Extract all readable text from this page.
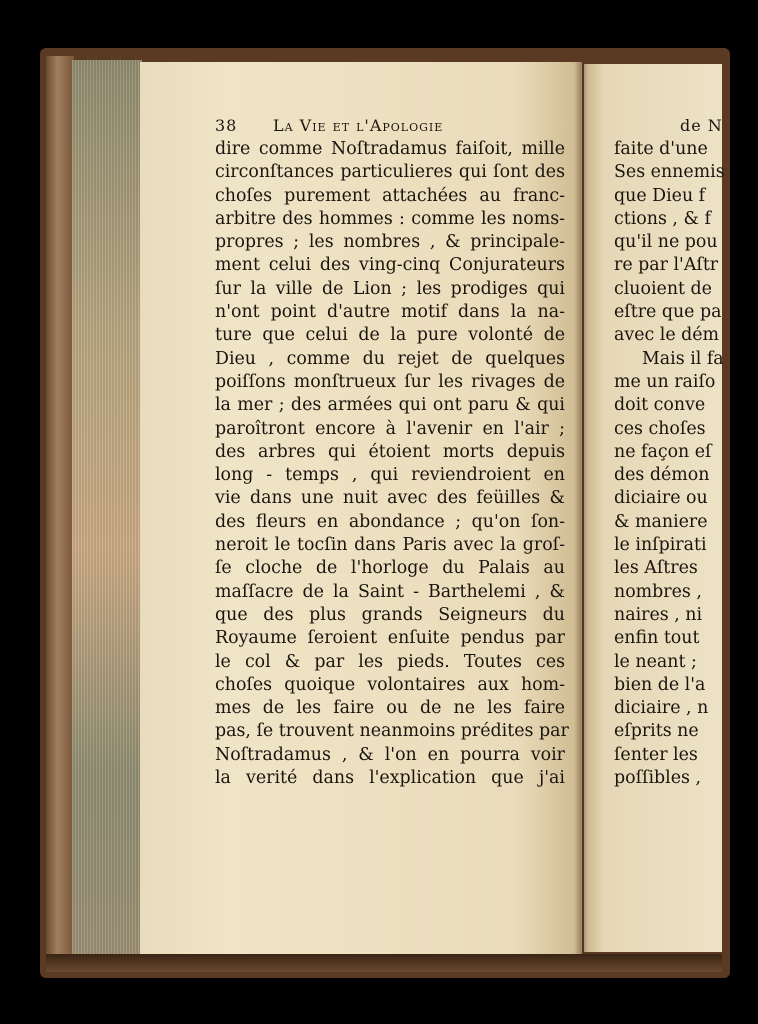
38 La Vie et l'Apologie
dire comme Noſtradamus faiſoit, mille
circonſtances particulieres qui ſont des
choſes purement attachées au franc-
arbitre des hommes : comme les noms-
propres ; les nombres , & principale-
ment celui des ving-cinq Conjurateurs
ſur la ville de Lion ; les prodiges qui
n'ont point d'autre motif dans la na-
ture que celui de la pure volonté de
Dieu , comme du rejet de quelques
poiſſons monſtrueux ſur les rivages de
la mer ; des armées qui ont paru & qui
paroîtront encore à l'avenir en l'air ;
des arbres qui étoient morts depuis
long - temps , qui reviendroient en
vie dans une nuit avec des feüilles &
des fleurs en abondance ; qu'on ſon-
neroit le tocſin dans Paris avec la groſ-
ſe cloche de l'horloge du Palais au
maſſacre de la Saint - Barthelemi , &
que des plus grands Seigneurs du
Royaume ſeroient enſuite pendus par
le col & par les pieds. Toutes ces
choſes quoique volontaires aux hom-
mes de les faire ou de ne les faire
pas, ſe trouvent neanmoins prédites par
Noſtradamus , & l'on en pourra voir
la verité dans l'explication que j'ai
de N
faite d'une
Ses ennemis
que Dieu f
ctions , & f
qu'il ne pou
re par l'Aſtr
cluoient de
eſtre que pa
avec le dém
Mais il fa
me un raiſo
doit conve
ces choſes
ne façon eſ
des démon
diciaire ou
& maniere
le inſpirati
les Aſtres
nombres ,
naires , ni
enfin tout
le neant ;
bien de l'a
diciaire , n
eſprits ne
ſenter les
poſſibles ,
